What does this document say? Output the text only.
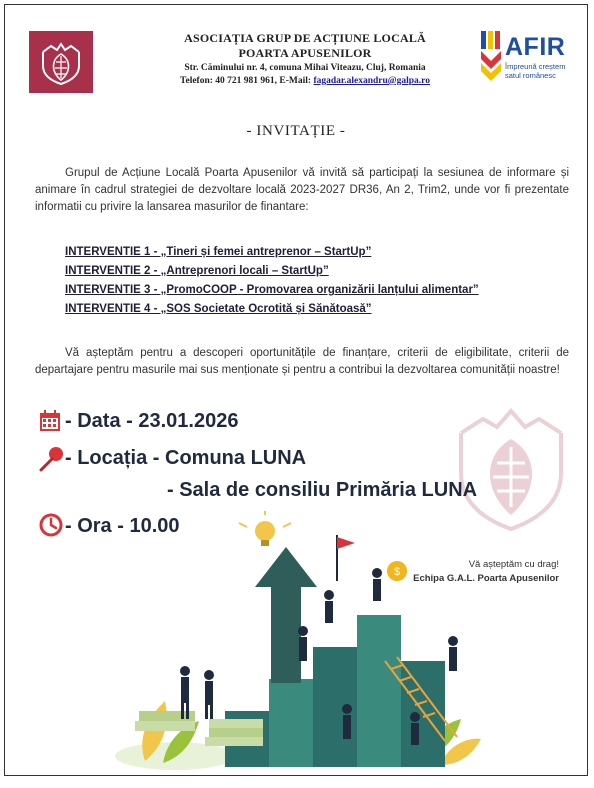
ASOCIAȚIA GRUP DE ACȚIUNE LOCALĂ
POARTA APUSENILOR
Str. Căminului nr. 4, comuna Mihai Viteazu, Cluj, Romania
Telefon: 40 721 981 961, E-Mail: fagadar.alexandru@galpa.ro
AFIR
Împreună creștem
satul românesc
- INVITAȚIE -
Grupul de Acțiune Locală Poarta Apusenilor vă invită să participați la sesiunea de informare și animare în cadrul strategiei de dezvoltare locală 2023-2027 DR36, An 2, Trim2, unde vor fi prezentate informatii cu privire la lansarea masurilor de finantare:
INTERVENTIE 1 - „Tineri și femei antreprenor – StartUp”
INTERVENTIE 2 - „Antreprenori locali – StartUp”
INTERVENTIE 3 - „PromoCOOP - Promovarea organizării lanțului alimentar”
INTERVENTIE 4 - „SOS Societate Ocrotită și Sănătoasă”
Vă așteptăm pentru a descoperi oportunitățile de finanțare, criterii de eligibilitate, criterii de departajare pentru masurile mai sus menționate și pentru a contribui la dezvoltarea comunității noastre!
- Data - 23.01.2026
- Locația - Comuna LUNA
- Sala de consiliu Primăria LUNA
- Ora - 10.00
Vă așteptăm cu drag!
Echipa G.A.L. Poarta Apusenilor
$
